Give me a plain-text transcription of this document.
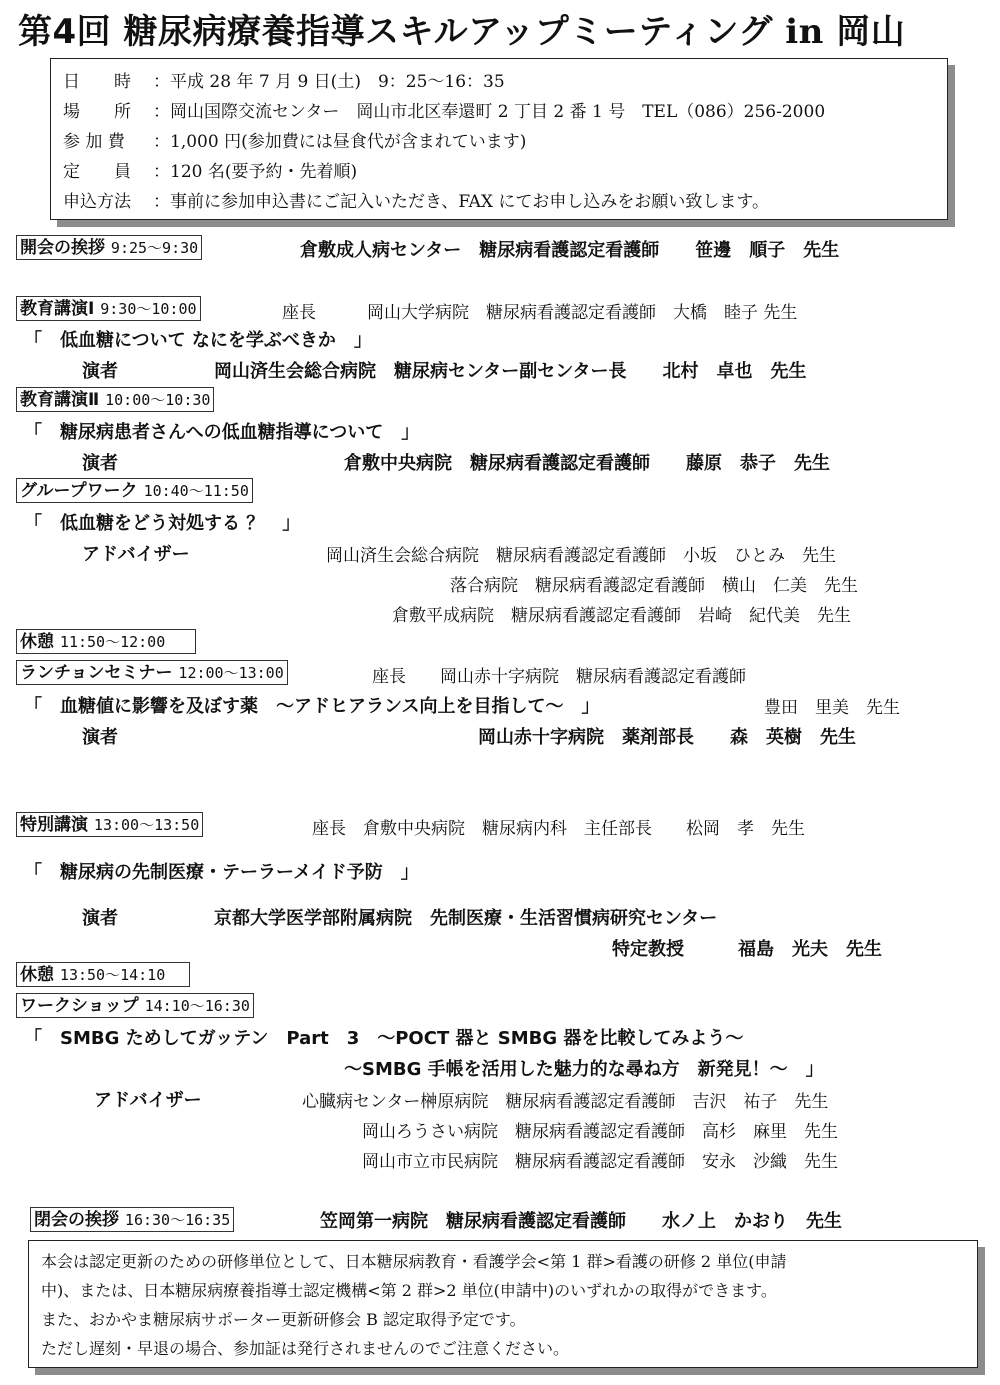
第4回 糖尿病療養指導スキルアップミーティング in 岡山
日　　時 ：平成 28 年 7 月 9 日(土)　9：25～16：35
場　　所 ：岡山国際交流センター　岡山市北区奉還町 2 丁目 2 番 1 号　TEL（086）256-2000
参 加 費 ：1,000 円(参加費には昼食代が含まれています)
定　　員 ：120 名(要予約・先着順)
申込方法 ：事前に参加申込書にご記入いただき、FAX にてお申し込みをお願い致します。
開会の挨拶 9:25～9:30	倉敷成人病センター　糖尿病看護認定看護師　　笹邊　順子　先生
教育講演Ⅰ 9:30～10:00	座長　　　岡山大学病院　糖尿病看護認定看護師　大橋　睦子 先生
「　低血糖について なにを学ぶべきか　」
演者	岡山済生会総合病院　糖尿病センター副センター長　　北村　卓也　先生
教育講演Ⅱ 10:00～10:30
「　糖尿病患者さんへの低血糖指導について　」
演者	倉敷中央病院　糖尿病看護認定看護師　　藤原　恭子　先生
グループワーク 10:40～11:50
「　低血糖をどう対処する ？　」
アドバイザー	岡山済生会総合病院　糖尿病看護認定看護師　小坂　ひとみ　先生
落合病院　糖尿病看護認定看護師　横山　仁美　先生
倉敷平成病院　糖尿病看護認定看護師　岩崎　紀代美　先生
休憩 11:50～12:00
ランチョンセミナー 12:00～13:00	座長　　岡山赤十字病院　糖尿病看護認定看護師
「　血糖値に影響を及ぼす薬　～アドヒアランス向上を目指して～　」	豊田　里美　先生
演者	岡山赤十字病院　薬剤部長　　森　英樹　先生
特別講演 13:00～13:50	座長　倉敷中央病院　糖尿病内科　主任部長　　松岡　孝　先生
「　糖尿病の先制医療・テーラーメイド予防　」
演者	京都大学医学部附属病院　先制医療・生活習慣病研究センター
特定教授　　　福島　光夫　先生
休憩 13:50～14:10
ワークショップ 14:10～16:30
「　SMBG ためしてガッテン　Part　3　～POCT 器と SMBG 器を比較してみよう～
～SMBG 手帳を活用した魅力的な尋ね方　新発見！～　」
アドバイザー	心臓病センター榊原病院　糖尿病看護認定看護師　吉沢　祐子　先生
岡山ろうさい病院　糖尿病看護認定看護師　高杉　麻里　先生
岡山市立市民病院　糖尿病看護認定看護師　安永　沙織　先生
閉会の挨拶 16:30～16:35	笠岡第一病院　糖尿病看護認定看護師　　水ノ上　かおり　先生
本会は認定更新のための研修単位として、日本糖尿病教育・看護学会<第 1 群>看護の研修 2 単位(申請
中)、または、日本糖尿病療養指導士認定機構<第 2 群>2 単位(申請中)のいずれかの取得ができます。
また、おかやま糖尿病サポーター更新研修会 B 認定取得予定です。
ただし遅刻・早退の場合、参加証は発行されませんのでご注意ください。
